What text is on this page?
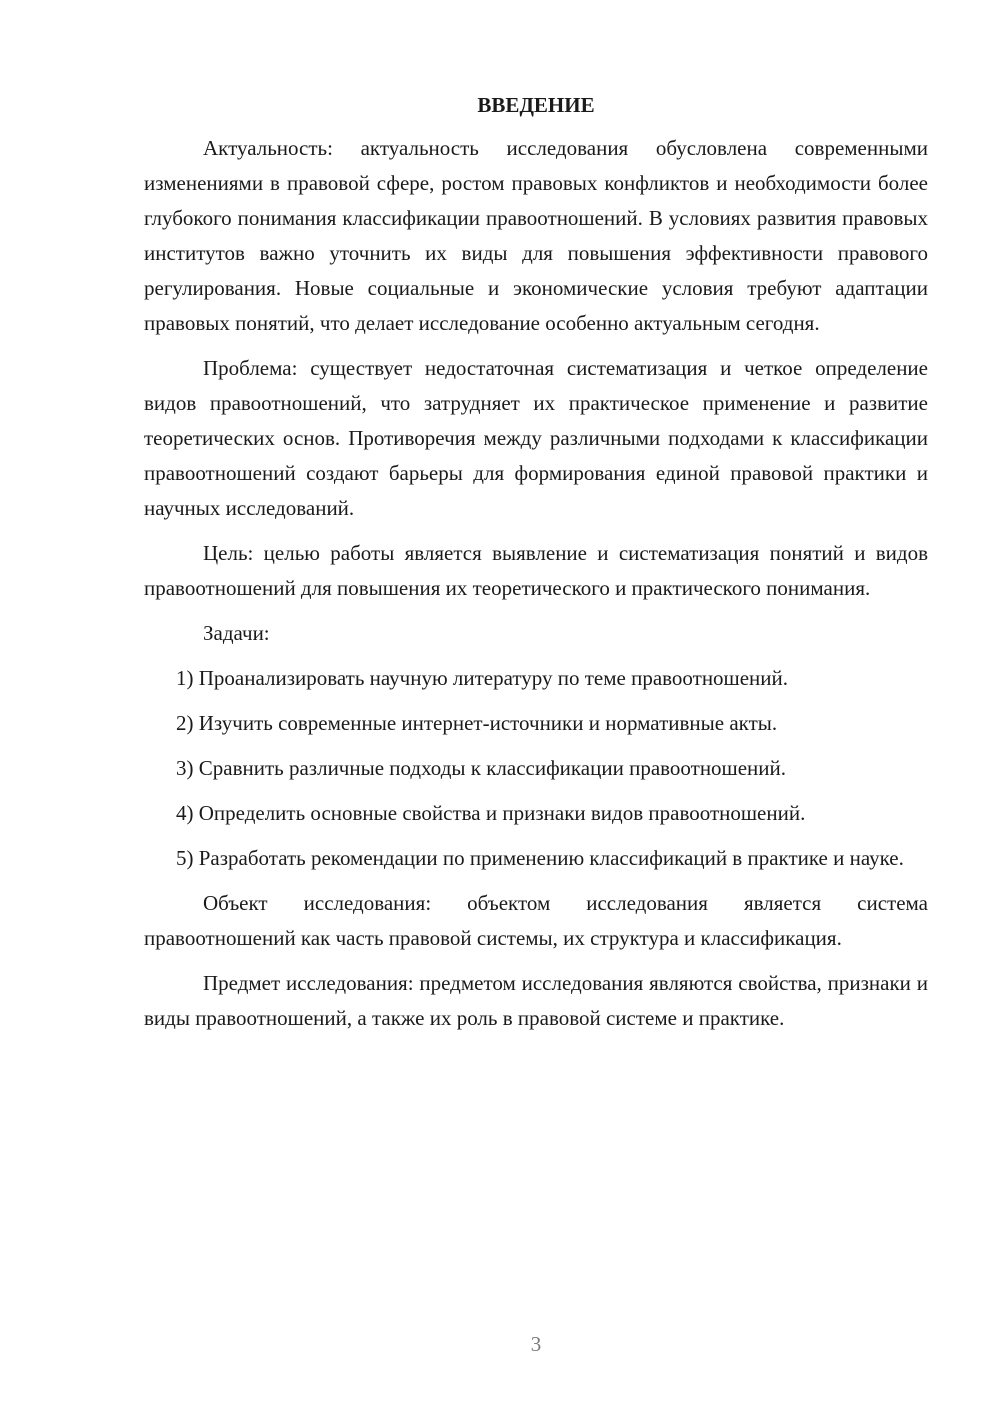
ВВЕДЕНИЕ

Актуальность: актуальность исследования обусловлена современными изменениями в правовой сфере, ростом правовых конфликтов и необходимости более глубокого понимания классификации правоотношений. В условиях развития правовых институтов важно уточнить их виды для повышения эффективности правового регулирования. Новые социальные и экономические условия требуют адаптации правовых понятий, что делает исследование особенно актуальным сегодня.

Проблема: существует недостаточная систематизация и четкое определение видов правоотношений, что затрудняет их практическое применение и развитие теоретических основ. Противоречия между различными подходами к классификации правоотношений создают барьеры для формирования единой правовой практики и научных исследований.

Цель: целью работы является выявление и систематизация понятий и видов правоотношений для повышения их теоретического и практического понимания.

Задачи:

1) Проанализировать научную литературу по теме правоотношений.

2) Изучить современные интернет-источники и нормативные акты.

3) Сравнить различные подходы к классификации правоотношений.

4) Определить основные свойства и признаки видов правоотношений.

5) Разработать рекомендации по применению классификаций в практике и науке.

Объект исследования: объектом исследования является система правоотношений как часть правовой системы, их структура и классификация.

Предмет исследования: предметом исследования являются свойства, признаки и виды правоотношений, а также их роль в правовой системе и практике.

3
